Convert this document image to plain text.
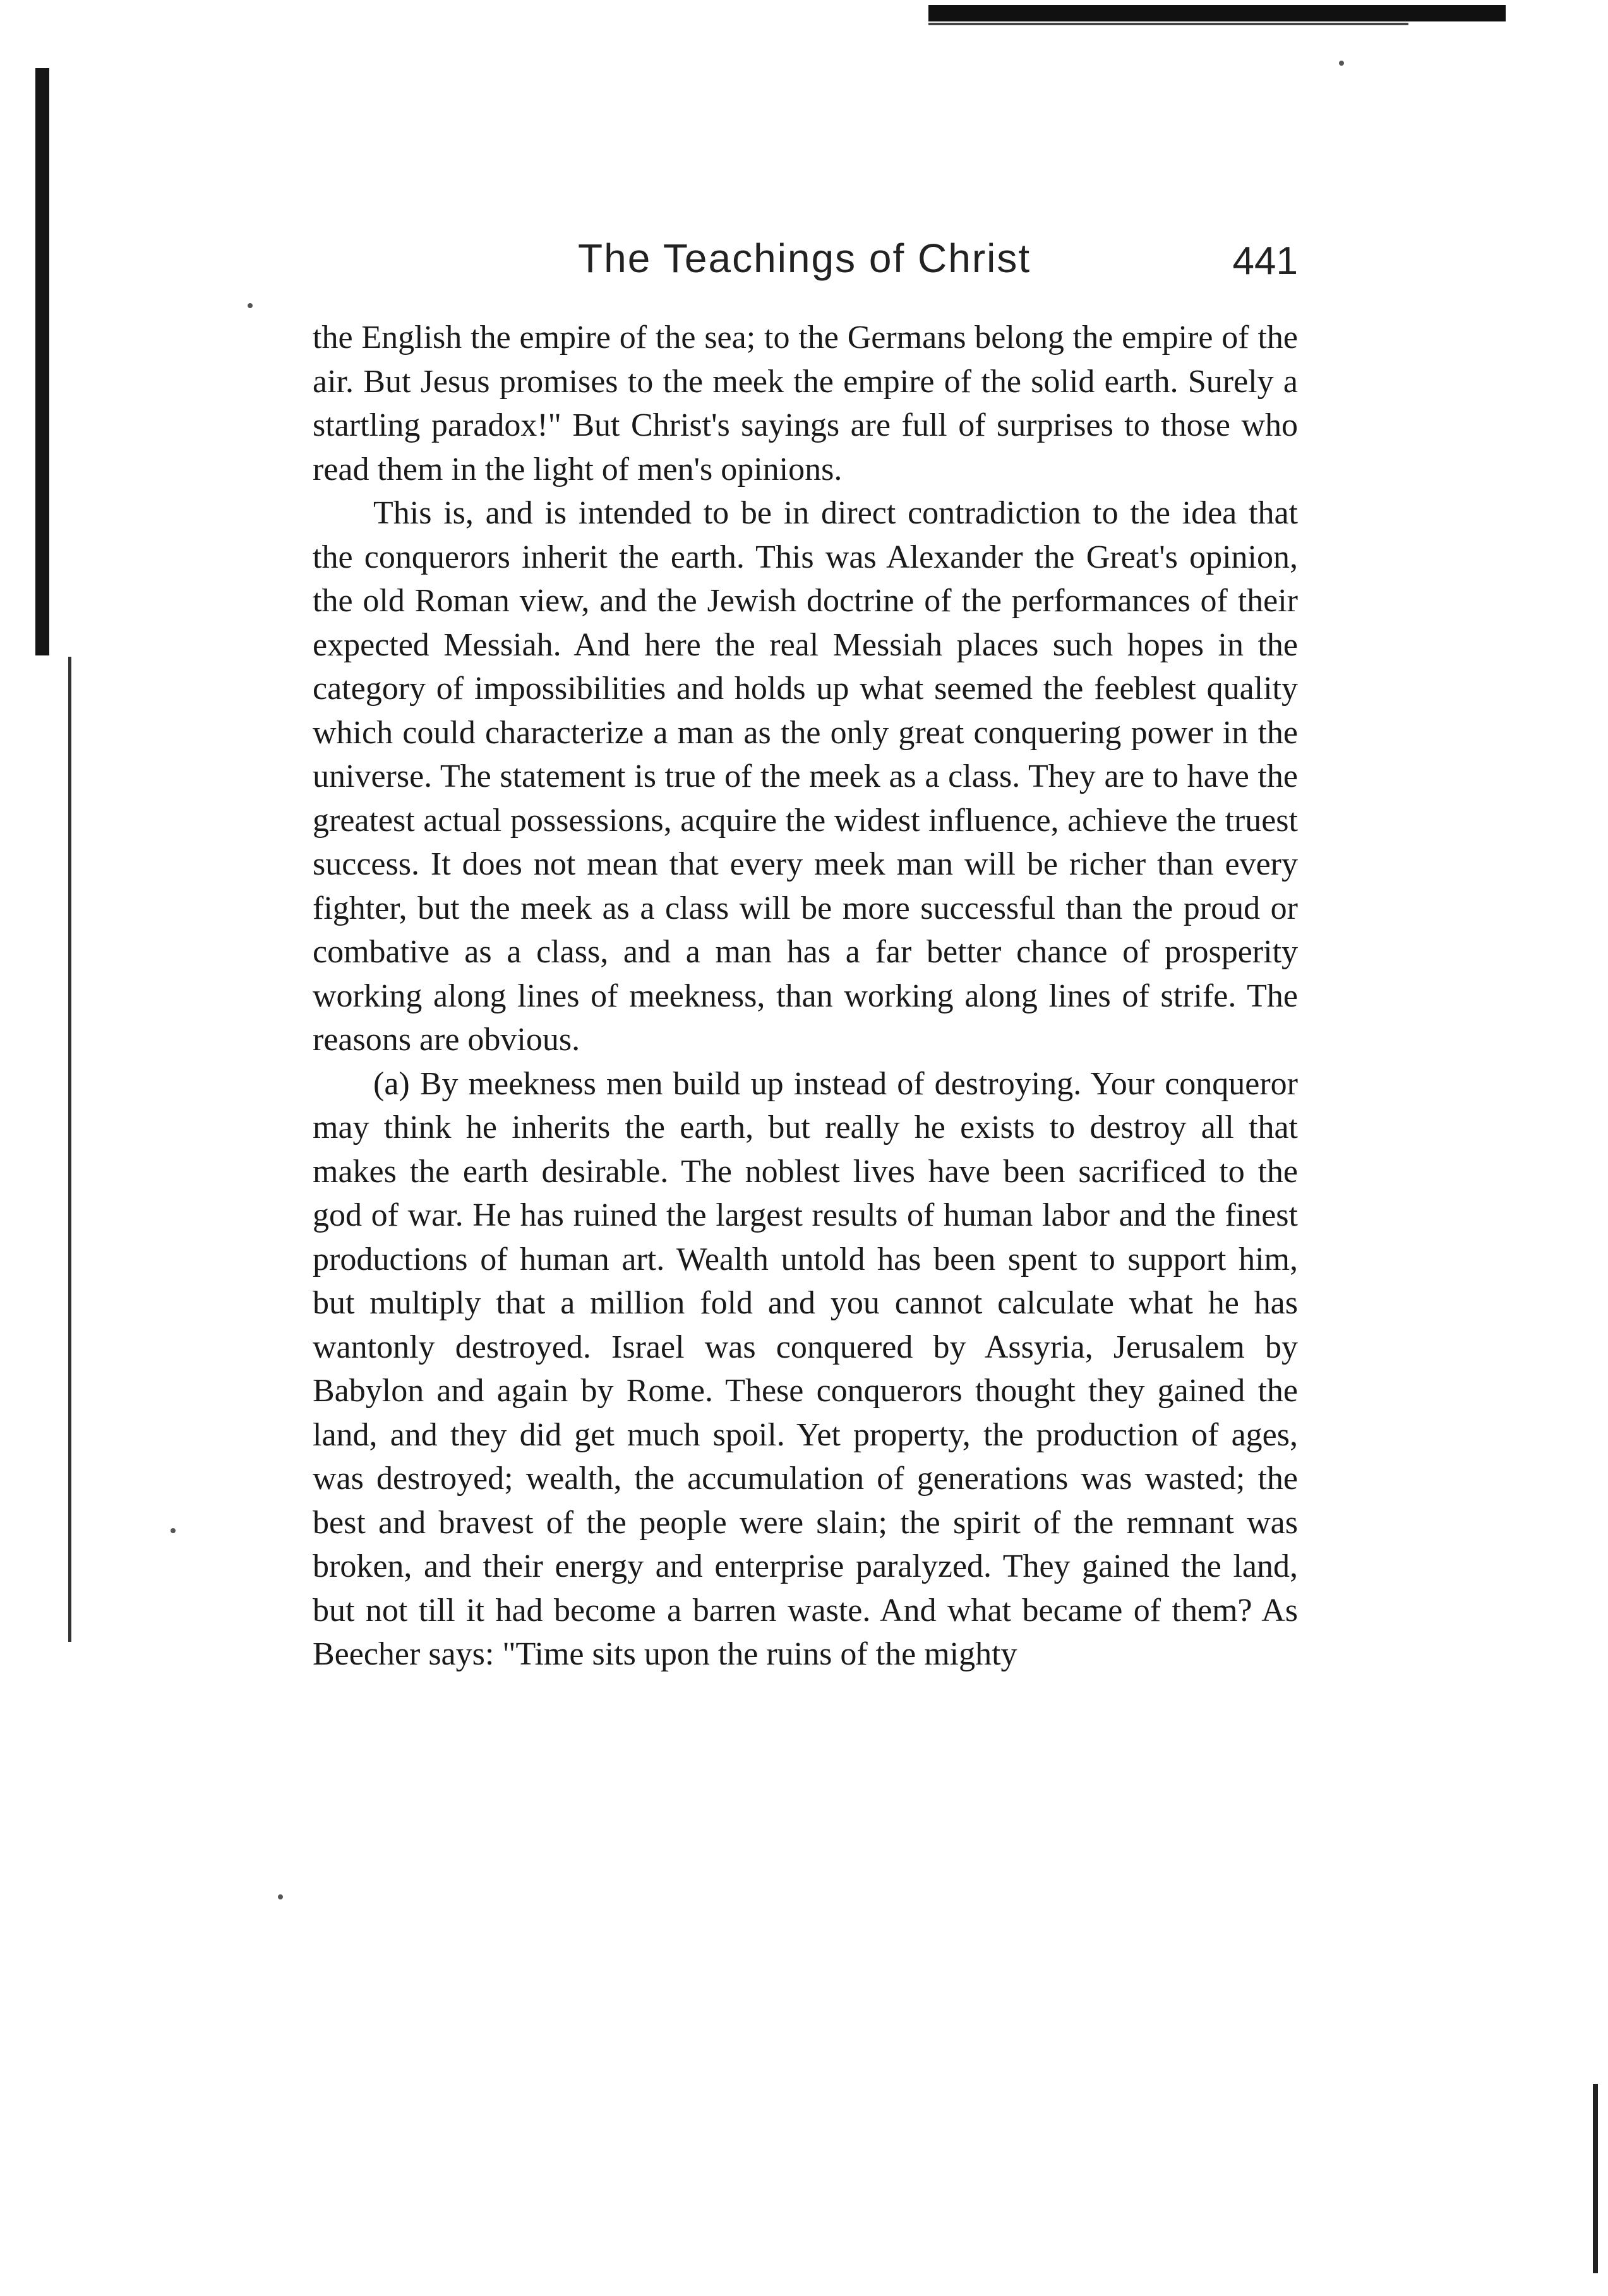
The Teachings of Christ	441

the English the empire of the sea; to the Germans belong the empire of the air. But Jesus promises to the meek the empire of the solid earth. Surely a startling paradox!" But Christ's sayings are full of surprises to those who read them in the light of men's opinions.

This is, and is intended to be in direct contradiction to the idea that the conquerors inherit the earth. This was Alexander the Great's opinion, the old Roman view, and the Jewish doctrine of the performances of their expected Messiah. And here the real Messiah places such hopes in the category of impossibilities and holds up what seemed the feeblest quality which could characterize a man as the only great conquering power in the universe. The statement is true of the meek as a class. They are to have the greatest actual possessions, acquire the widest influence, achieve the truest success. It does not mean that every meek man will be richer than every fighter, but the meek as a class will be more successful than the proud or combative as a class, and a man has a far better chance of prosperity working along lines of meekness, than working along lines of strife. The reasons are obvious.

(a) By meekness men build up instead of destroying. Your conqueror may think he inherits the earth, but really he exists to destroy all that makes the earth desirable. The noblest lives have been sacrificed to the god of war. He has ruined the largest results of human labor and the finest productions of human art. Wealth untold has been spent to support him, but multiply that a million fold and you cannot calculate what he has wantonly destroyed. Israel was conquered by Assyria, Jerusalem by Babylon and again by Rome. These conquerors thought they gained the land, and they did get much spoil. Yet property, the production of ages, was destroyed; wealth, the accumulation of generations was wasted; the best and bravest of the people were slain; the spirit of the remnant was broken, and their energy and enterprise paralyzed. They gained the land, but not till it had become a barren waste. And what became of them? As Beecher says: "Time sits upon the ruins of the mighty
